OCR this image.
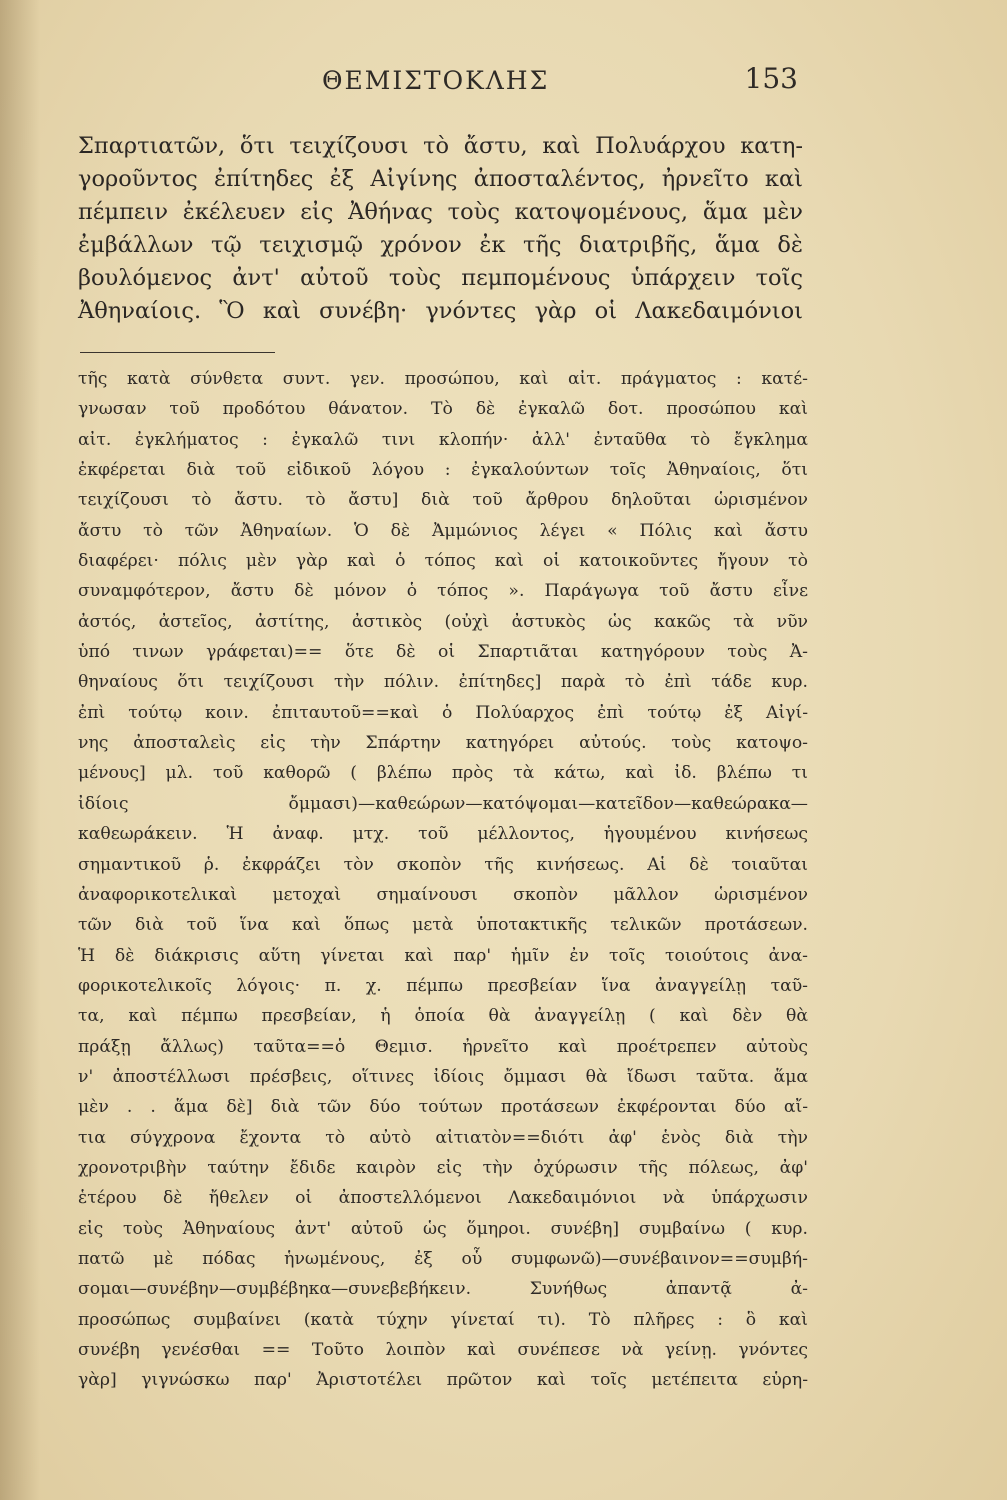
ΘΕΜΙΣΤΟΚΛΗΣ	153
Σπαρτιατῶν, ὅτι τειχίζουσι τὸ ἄστυ, καὶ Πολυάρχου κατη-
γοροῦντος ἐπίτηδες ἐξ Αἰγίνης ἀποσταλέντος, ἠρνεῖτο καὶ
πέμπειν ἐκέλευεν εἰς Ἀθήνας τοὺς κατοψομένους, ἅμα μὲν
ἐμβάλλων τῷ τειχισμῷ χρόνον ἐκ τῆς διατριβῆς, ἅμα δὲ
βουλόμενος ἀντ' αὐτοῦ τοὺς πεμπομένους ὑπάρχειν τοῖς
Ἀθηναίοις. Ὃ καὶ συνέβη· γνόντες γὰρ οἱ Λακεδαιμόνιοι
τῆς κατὰ σύνθετα συντ. γεν. προσώπου, καὶ αἰτ. πράγματος : κατέ-
γνωσαν τοῦ προδότου θάνατον. Τὸ δὲ ἐγκαλῶ δοτ. προσώπου καὶ
αἰτ. ἐγκλήματος : ἐγκαλῶ τινι κλοπήν· ἀλλ' ἐνταῦθα τὸ ἔγκλημα
ἐκφέρεται διὰ τοῦ εἰδικοῦ λόγου : ἐγκαλούντων τοῖς Ἀθηναίοις, ὅτι
τειχίζουσι τὸ ἄστυ. τὸ ἄστυ] διὰ τοῦ ἄρθρου δηλοῦται ὡρισμένον
ἄστυ τὸ τῶν Ἀθηναίων. Ὁ δὲ Ἀμμώνιος λέγει « Πόλις καὶ ἄστυ
διαφέρει· πόλις μὲν γὰρ καὶ ὁ τόπος καὶ οἱ κατοικοῦντες ἤγουν τὸ
συναμφότερον, ἄστυ δὲ μόνον ὁ τόπος ». Παράγωγα τοῦ ἄστυ εἶνε
ἀστός, ἀστεῖος, ἀστίτης, ἀστικὸς (οὐχὶ ἀστυκὸς ὡς κακῶς τὰ νῦν
ὑπό τινων γράφεται)== ὅτε δὲ οἱ Σπαρτιᾶται κατηγόρουν τοὺς Ἀ-
θηναίους ὅτι τειχίζουσι τὴν πόλιν. ἐπίτηδες] παρὰ τὸ ἐπὶ τάδε κυρ.
ἐπὶ τούτῳ κοιν. ἐπιταυτοῦ==καὶ ὁ Πολύαρχος ἐπὶ τούτῳ ἐξ Αἰγί-
νης ἀποσταλεὶς εἰς τὴν Σπάρτην κατηγόρει αὐτούς. τοὺς κατοψο-
μένους] μλ. τοῦ καθορῶ ( βλέπω πρὸς τὰ κάτω, καὶ ἰδ. βλέπω τι
ἰδίοις ὄμμασι)—καθεώρων—κατόψομαι—κατεῖδον—καθεώρακα—
καθεωράκειν. Ἡ ἀναφ. μτχ. τοῦ μέλλοντος, ἡγουμένου κινήσεως
σημαντικοῦ ῥ. ἐκφράζει τὸν σκοπὸν τῆς κινήσεως. Αἱ δὲ τοιαῦται
ἀναφορικοτελικαὶ μετοχαὶ σημαίνουσι σκοπὸν μᾶλλον ὡρισμένον
τῶν διὰ τοῦ ἵνα καὶ ὅπως μετὰ ὑποτακτικῆς τελικῶν προτάσεων.
Ἡ δὲ διάκρισις αὕτη γίνεται καὶ παρ' ἡμῖν ἐν τοῖς τοιούτοις ἀνα-
φορικοτελικοῖς λόγοις· π. χ. πέμπω πρεσβείαν ἵνα ἀναγγείλῃ ταῦ-
τα, καὶ πέμπω πρεσβείαν, ἡ ὁποία θὰ ἀναγγείλῃ ( καὶ δὲν θὰ
πράξῃ ἄλλως) ταῦτα==ὁ Θεμισ. ἠρνεῖτο καὶ προέτρεπεν αὐτοὺς
ν' ἀποστέλλωσι πρέσβεις, οἵτινες ἰδίοις ὄμμασι θὰ ἴδωσι ταῦτα. ἅμα
μὲν . . ἅμα δὲ] διὰ τῶν δύο τούτων προτάσεων ἐκφέρονται δύο αἴ-
τια σύγχρονα ἔχοντα τὸ αὐτὸ αἰτιατὸν==διότι ἀφ' ἑνὸς διὰ τὴν
χρονοτριβὴν ταύτην ἔδιδε καιρὸν εἰς τὴν ὀχύρωσιν τῆς πόλεως, ἀφ'
ἑτέρου δὲ ἤθελεν οἱ ἀποστελλόμενοι Λακεδαιμόνιοι νὰ ὑπάρχωσιν
εἰς τοὺς Ἀθηναίους ἀντ' αὐτοῦ ὡς ὅμηροι. συνέβη] συμβαίνω ( κυρ.
πατῶ μὲ πόδας ἡνωμένους, ἐξ οὗ συμφωνῶ)—συνέβαινον==συμβή-
σομαι—συνέβην—συμβέβηκα—συνεβεβήκειν. Συνήθως ἀπαντᾷ ἀ-
προσώπως συμβαίνει (κατὰ τύχην γίνεταί τι). Τὸ πλῆρες : ὃ καὶ
συνέβη γενέσθαι == Τοῦτο λοιπὸν καὶ συνέπεσε νὰ γείνῃ. γνόντες
γὰρ] γιγνώσκω παρ' Ἀριστοτέλει πρῶτον καὶ τοῖς μετέπειτα εὑρη-
